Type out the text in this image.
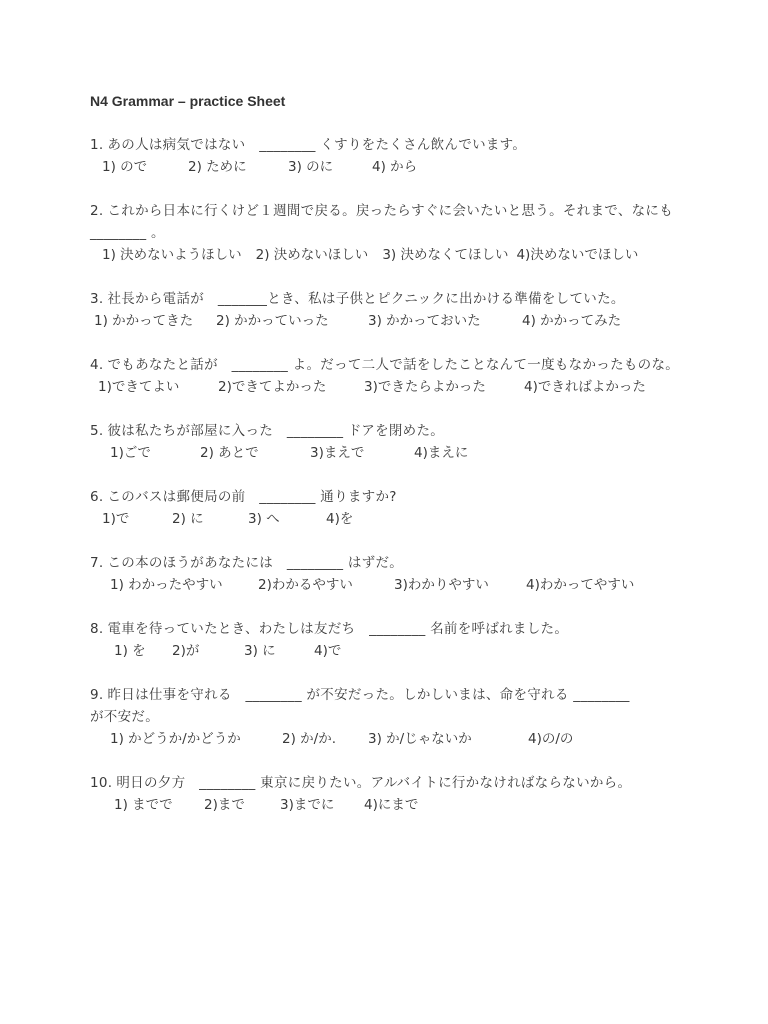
N4 Grammar – practice Sheet
1. あの人は病気ではない　________ くすりをたくさん飲んでいます。
1) ので	2) ために	3) のに	4) から
2. これから日本に行くけど１週間で戻る。戻ったらすぐに会いたいと思う。それまで、なにも　________ 。
1) 決めないようほしい 2) 決めないほしい 3) 決めなくてほしい 4)決めないでほしい
3. 社長から電話が　_______とき、私は子供とピクニックに出かける準備をしていた。
1) かかってきた 2) かかっていった	3) かかっておいた	4) かかってみた
4. でもあなたと話が　________ よ。だって二人で話をしたことなんて一度もなかったものな。
1)できてよい	2)できてよかった	3)できたらよかった	4)できればよかった
5. 彼は私たちが部屋に入った　________ ドアを閉めた。
1)ごで	2) あとで	3)まえで	4)まえに
6. このバスは郵便局の前　________ 通りますか?
1)で	2) に	3) へ	4)を
7. この本のほうがあなたには　________ はずだ。
1) わかったやすい	2)わかるやすい	3)わかりやすい	4)わかってやすい
8. 電車を待っていたとき、わたしは友だち　________ 名前を呼ばれました。
1) を 2)が	3) に	4)で
9. 昨日は仕事を守れる　________ が不安だった。しかしいまは、命を守れる ________ が不安だ。
1) かどうか/かどうか	2) か/か. 3) か/じゃないか	4)の/の
10. 明日の夕方　________ 東京に戻りたい。アルバイトに行かなければならないから。
1) までで 2)まで	3)までに 4)にまで
